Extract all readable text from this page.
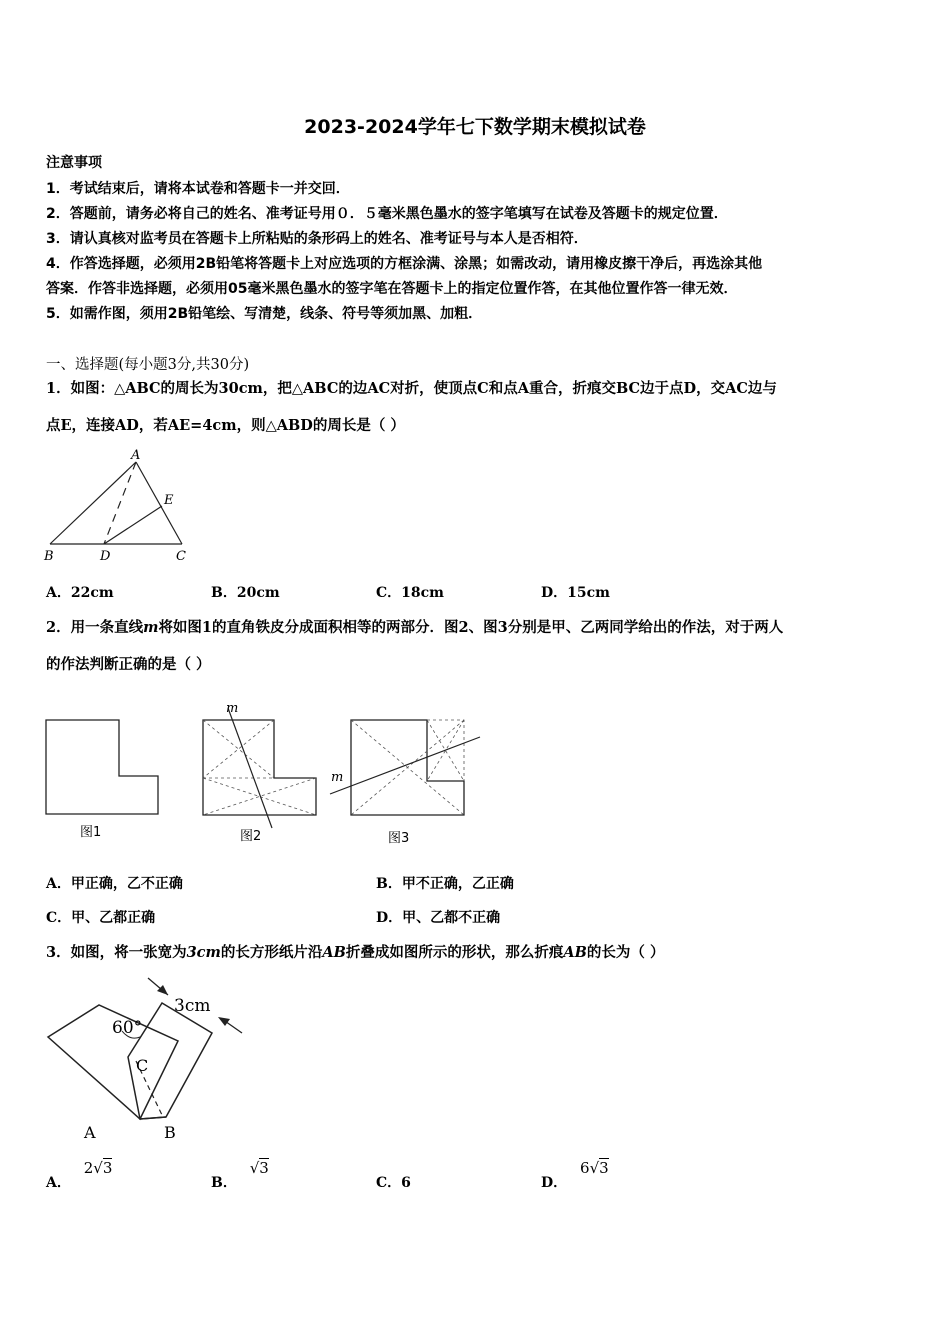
2023-2024学年七下数学期末模拟试卷
注意事项
1．考试结束后，请将本试卷和答题卡一并交回．
2．答题前，请务必将自己的姓名、准考证号用０．５毫米黑色墨水的签字笔填写在试卷及答题卡的规定位置．
3．请认真核对监考员在答题卡上所粘贴的条形码上的姓名、准考证号与本人是否相符．
4．作答选择题，必须用2B铅笔将答题卡上对应选项的方框涂满、涂黑；如需改动，请用橡皮擦干净后，再选涂其他
答案．作答非选择题，必须用05毫米黑色墨水的签字笔在答题卡上的指定位置作答，在其他位置作答一律无效．
5．如需作图，须用2B铅笔绘、写清楚，线条、符号等须加黑、加粗．
一、选择题(每小题3分,共30分)
1．如图：△ABC的周长为30cm，把△ABC的边AC对折，使顶点C和点A重合，折痕交BC边于点D，交AC边与
点E，连接AD，若AE=4cm，则△ABD的周长是（ ）
A
B	C
D
E
A．22cm	B．20cm	C．18cm	D．15cm
2．用一条直线m将如图1的直角铁皮分成面积相等的两部分．图2、图3分别是甲、乙两同学给出的作法，对于两人
的作法判断正确的是（ ）
图1
m
图2
m
图3
A．甲正确，乙不正确	B．甲不正确，乙正确
C．甲、乙都正确	D．甲、乙都不正确
3．如图，将一张宽为3cm的长方形纸片沿AB折叠成如图所示的形状，那么折痕AB的长为（ ）
60°
3cm
C
A	B
A． 2√3
B． √3
C．6	D． 6√3
